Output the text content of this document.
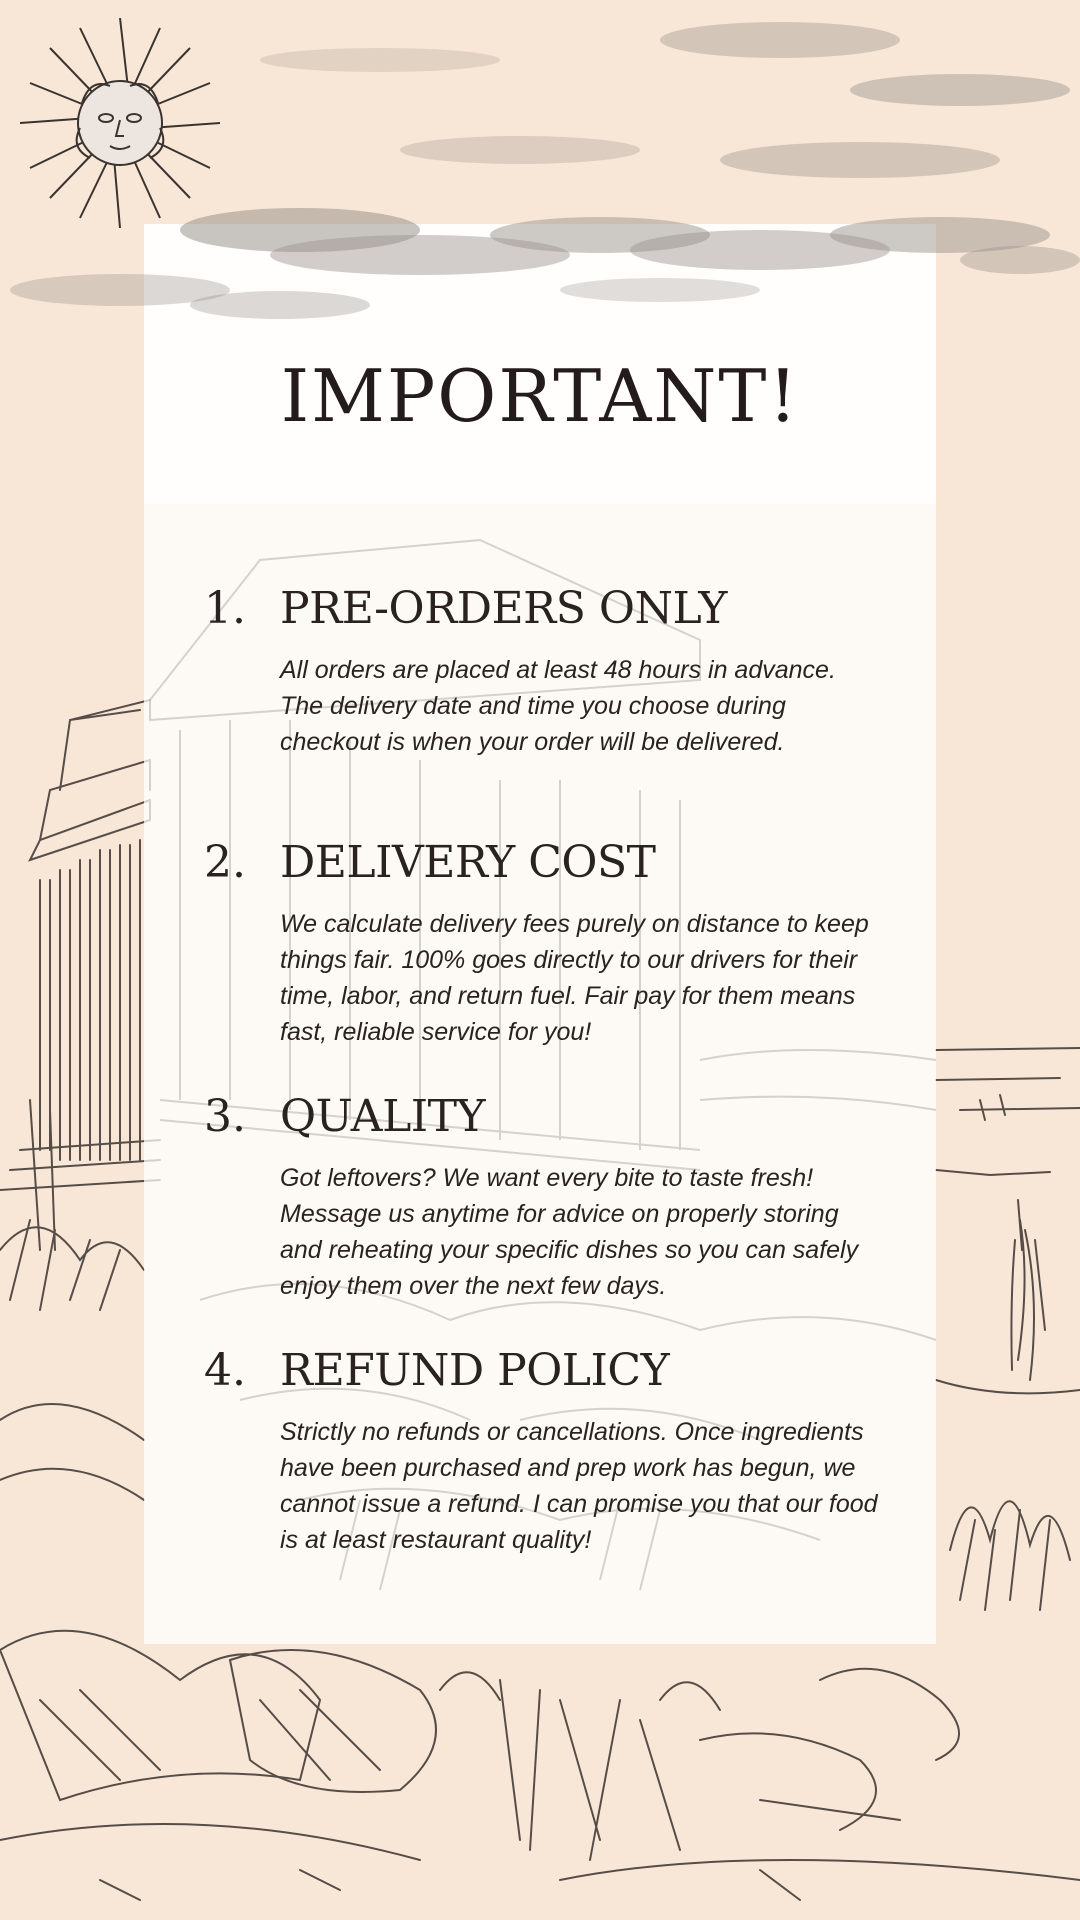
IMPORTANT!
1. PRE-ORDERS ONLY

All orders are placed at least 48 hours in advance. The delivery date and time you choose during checkout is when your order will be delivered.

2. DELIVERY COST

We calculate delivery fees purely on distance to keep things fair. 100% goes directly to our drivers for their time, labor, and return fuel. Fair pay for them means fast, reliable service for you!

3. QUALITY

Got leftovers? We want every bite to taste fresh! Message us anytime for advice on properly storing and reheating your specific dishes so you can safely enjoy them over the next few days.

4. REFUND POLICY

Strictly no refunds or cancellations. Once ingredients have been purchased and prep work has begun, we cannot issue a refund. I can promise you that our food is at least restaurant quality!
